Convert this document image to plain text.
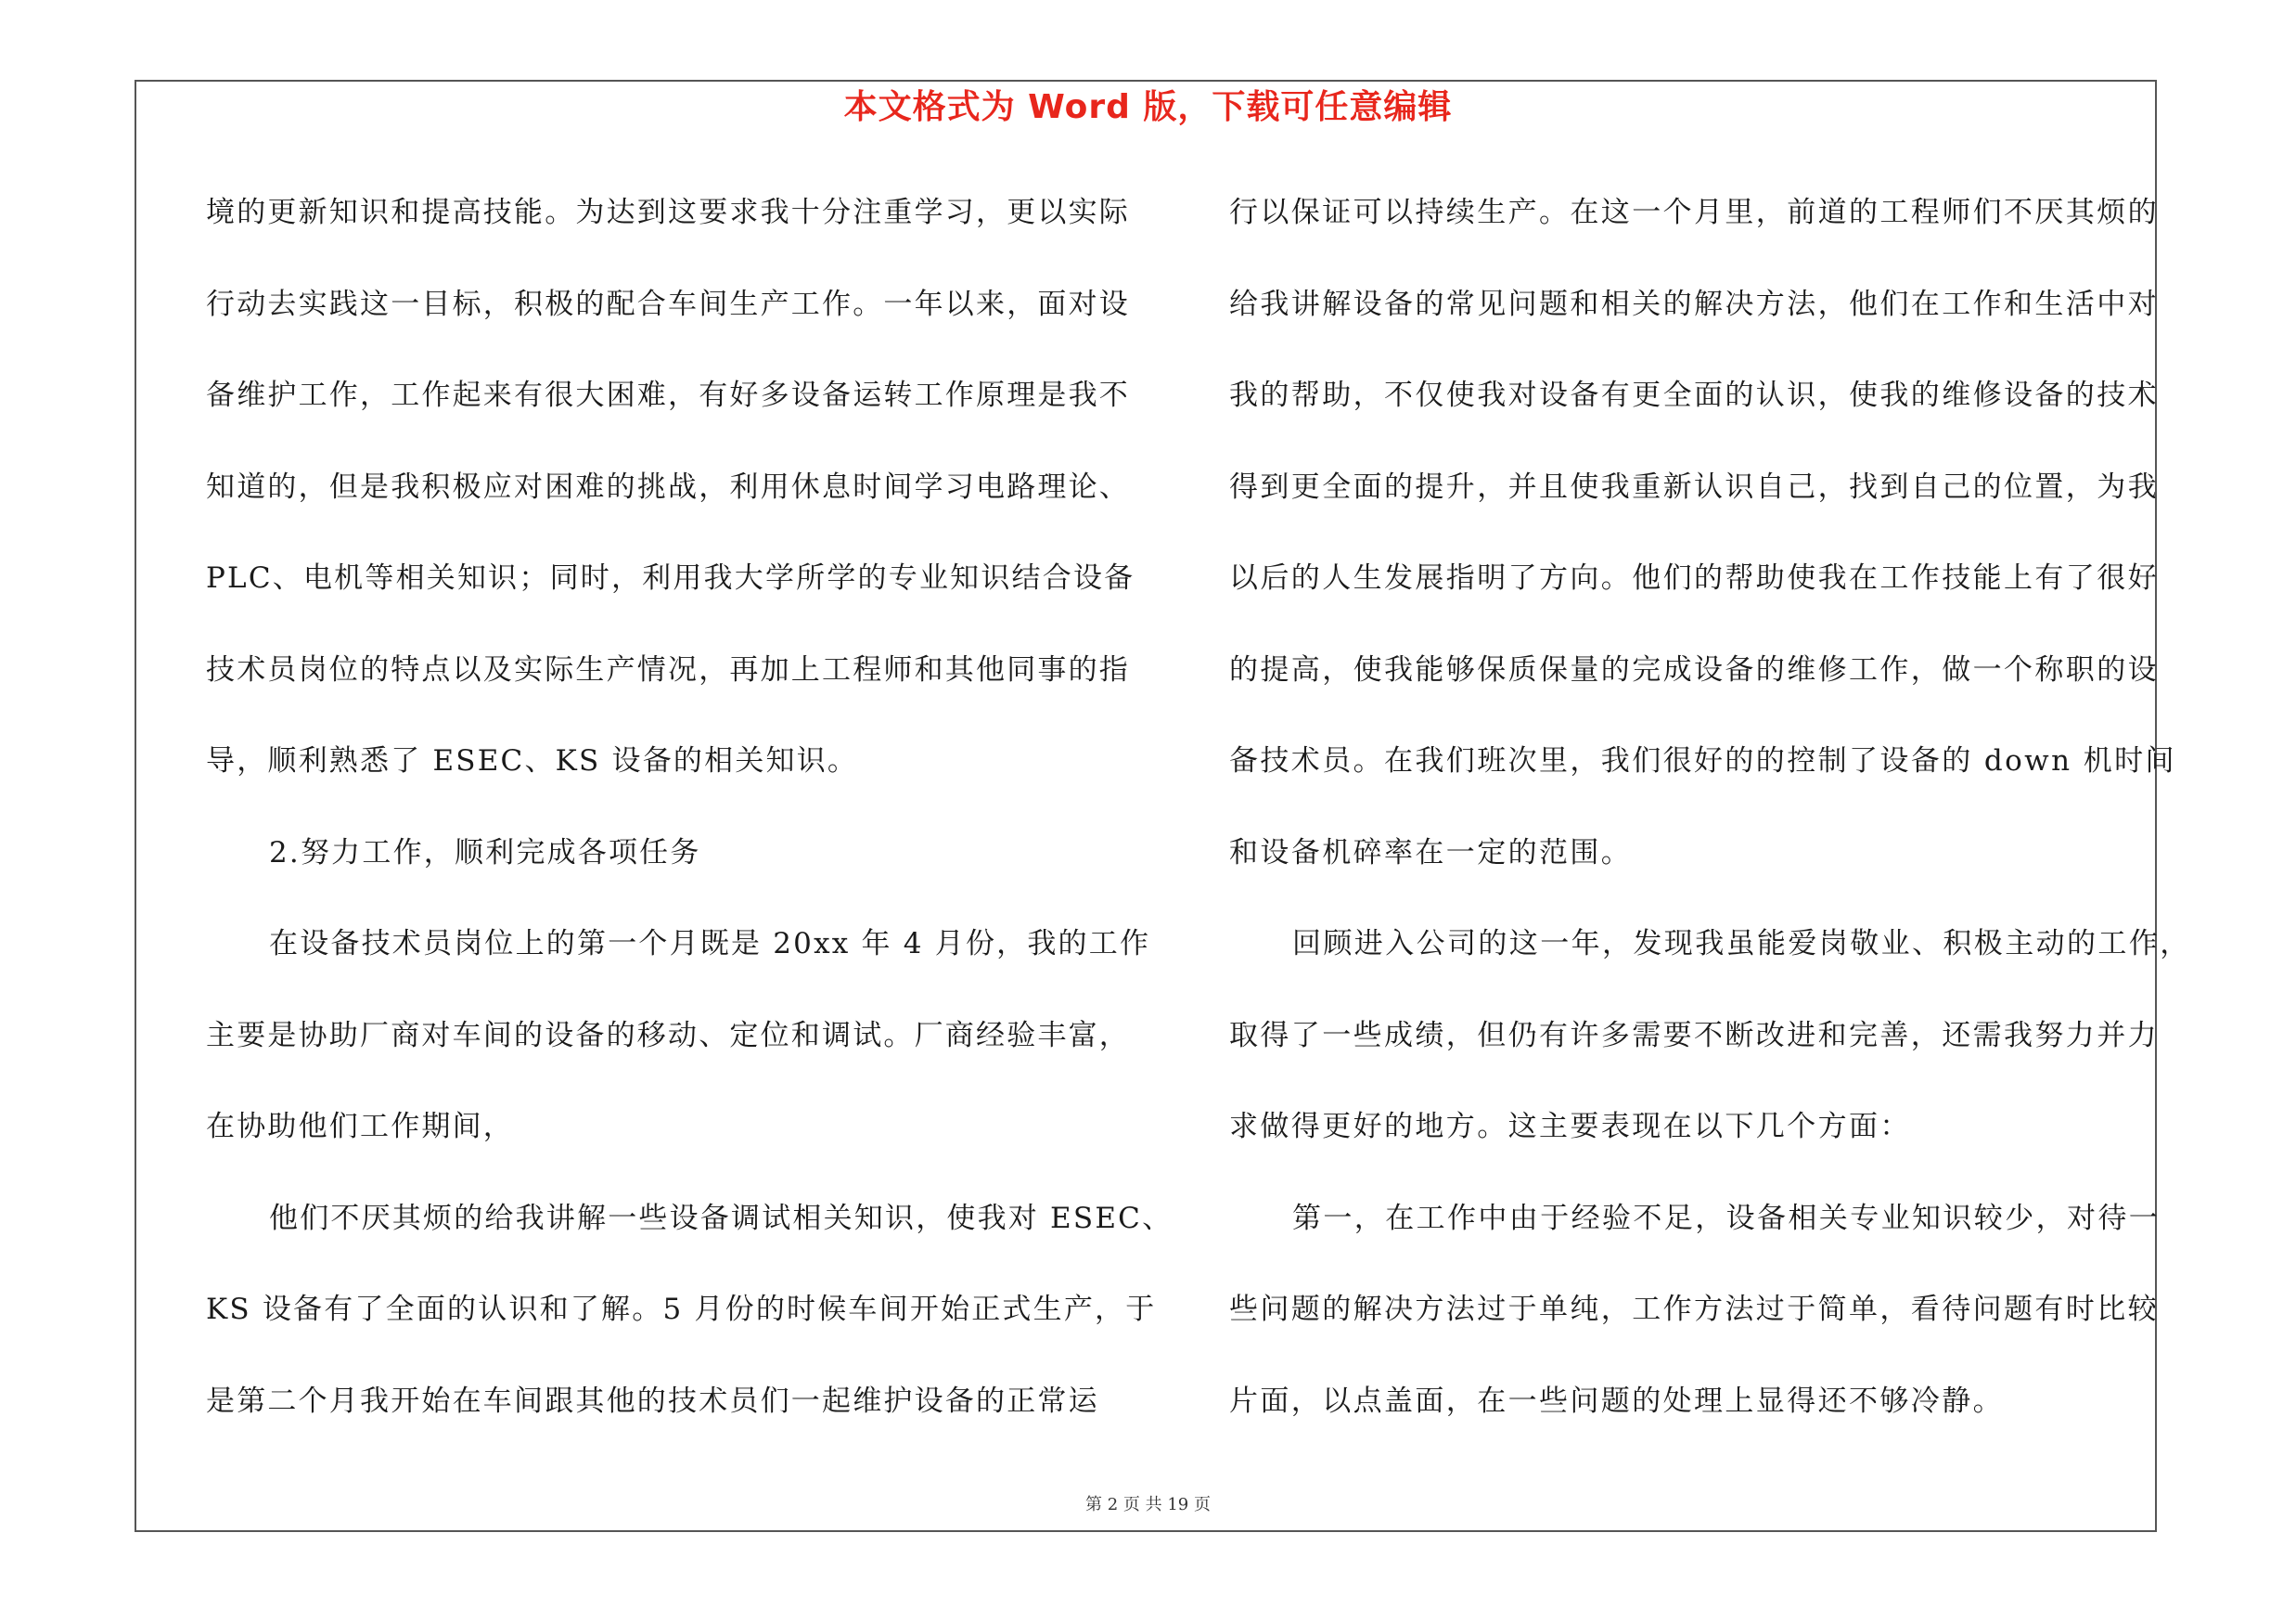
本文格式为 Word 版，下载可任意编辑
境的更新知识和提高技能。为达到这要求我十分注重学习，更以实际
行动去实践这一目标，积极的配合车间生产工作。一年以来，面对设
备维护工作，工作起来有很大困难，有好多设备运转工作原理是我不
知道的，但是我积极应对困难的挑战，利用休息时间学习电路理论、
PLC、电机等相关知识；同时，利用我大学所学的专业知识结合设备
技术员岗位的特点以及实际生产情况，再加上工程师和其他同事的指
导，顺利熟悉了 ESEC、KS 设备的相关知识。
2.努力工作，顺利完成各项任务
在设备技术员岗位上的第一个月既是 20xx 年 4 月份，我的工作
主要是协助厂商对车间的设备的移动、定位和调试。厂商经验丰富，
在协助他们工作期间，
他们不厌其烦的给我讲解一些设备调试相关知识，使我对 ESEC、
KS 设备有了全面的认识和了解。5 月份的时候车间开始正式生产，于
是第二个月我开始在车间跟其他的技术员们一起维护设备的正常运
行以保证可以持续生产。在这一个月里，前道的工程师们不厌其烦的
给我讲解设备的常见问题和相关的解决方法，他们在工作和生活中对
我的帮助，不仅使我对设备有更全面的认识，使我的维修设备的技术
得到更全面的提升，并且使我重新认识自己，找到自己的位置，为我
以后的人生发展指明了方向。他们的帮助使我在工作技能上有了很好
的提高，使我能够保质保量的完成设备的维修工作，做一个称职的设
备技术员。在我们班次里，我们很好的的控制了设备的 down 机时间
和设备机碎率在一定的范围。
回顾进入公司的这一年，发现我虽能爱岗敬业、积极主动的工作，
取得了一些成绩，但仍有许多需要不断改进和完善，还需我努力并力
求做得更好的地方。这主要表现在以下几个方面：
第一，在工作中由于经验不足，设备相关专业知识较少，对待一
些问题的解决方法过于单纯，工作方法过于简单，看待问题有时比较
片面，以点盖面，在一些问题的处理上显得还不够冷静。
第 2 页 共 19 页
